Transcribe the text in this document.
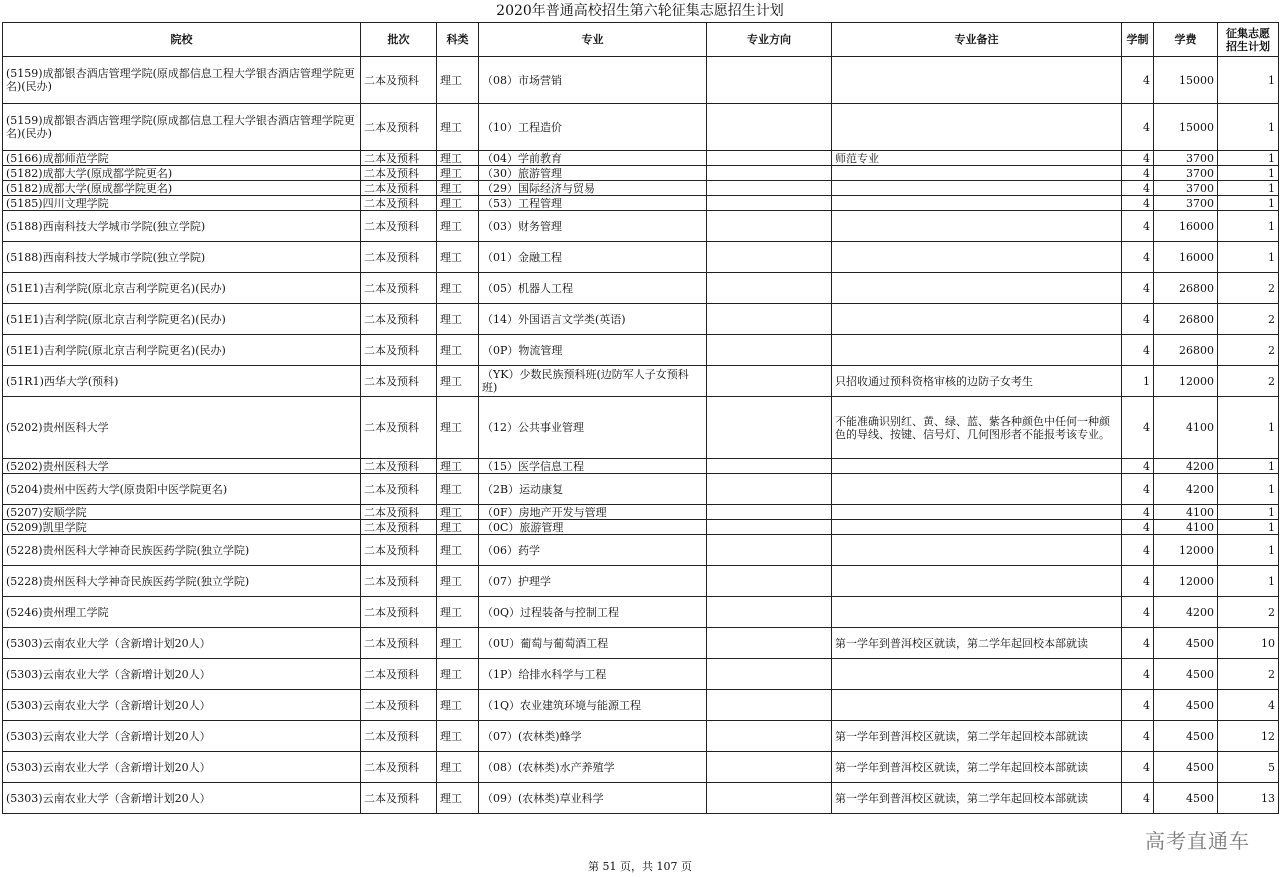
2020年普通高校招生第六轮征集志愿招生计划
院校	批次	科类	专业	专业方向	专业备注	学制	学费	征集志愿招生计划
(5159)成都银杏酒店管理学院(原成都信息工程大学银杏酒店管理学院更名)(民办)	二本及预科	理工	（08）市场营销			4	15000	1
(5159)成都银杏酒店管理学院(原成都信息工程大学银杏酒店管理学院更名)(民办)	二本及预科	理工	（10）工程造价			4	15000	1
(5166)成都师范学院	二本及预科	理工	（04）学前教育		师范专业	4	3700	1
(5182)成都大学(原成都学院更名)	二本及预科	理工	（30）旅游管理			4	3700	1
(5182)成都大学(原成都学院更名)	二本及预科	理工	（29）国际经济与贸易			4	3700	1
(5185)四川文理学院	二本及预科	理工	（53）工程管理			4	3700	1
(5188)西南科技大学城市学院(独立学院)	二本及预科	理工	（03）财务管理			4	16000	1
(5188)西南科技大学城市学院(独立学院)	二本及预科	理工	（01）金融工程			4	16000	1
(51E1)吉利学院(原北京吉利学院更名)(民办)	二本及预科	理工	（05）机器人工程			4	26800	2
(51E1)吉利学院(原北京吉利学院更名)(民办)	二本及预科	理工	（14）外国语言文学类(英语)			4	26800	2
(51E1)吉利学院(原北京吉利学院更名)(民办)	二本及预科	理工	（0P）物流管理			4	26800	2
(51R1)西华大学(预科)	二本及预科	理工	（YK）少数民族预科班(边防军人子女预科班)		只招收通过预科资格审核的边防子女考生	1	12000	2
(5202)贵州医科大学	二本及预科	理工	（12）公共事业管理		不能准确识别红、黄、绿、蓝、紫各种颜色中任何一种颜色的导线、按键、信号灯、几何图形者不能报考该专业。	4	4100	1
(5202)贵州医科大学	二本及预科	理工	（15）医学信息工程			4	4200	1
(5204)贵州中医药大学(原贵阳中医学院更名)	二本及预科	理工	（2B）运动康复			4	4200	1
(5207)安顺学院	二本及预科	理工	（0F）房地产开发与管理			4	4100	1
(5209)凯里学院	二本及预科	理工	（0C）旅游管理			4	4100	1
(5228)贵州医科大学神奇民族医药学院(独立学院)	二本及预科	理工	（06）药学			4	12000	1
(5228)贵州医科大学神奇民族医药学院(独立学院)	二本及预科	理工	（07）护理学			4	12000	1
(5246)贵州理工学院	二本及预科	理工	（0Q）过程装备与控制工程			4	4200	2
(5303)云南农业大学（含新增计划20人）	二本及预科	理工	（0U）葡萄与葡萄酒工程		第一学年到普洱校区就读，第二学年起回校本部就读	4	4500	10
(5303)云南农业大学（含新增计划20人）	二本及预科	理工	（1P）给排水科学与工程			4	4500	2
(5303)云南农业大学（含新增计划20人）	二本及预科	理工	（1Q）农业建筑环境与能源工程			4	4500	4
(5303)云南农业大学（含新增计划20人）	二本及预科	理工	（07）(农林类)蜂学		第一学年到普洱校区就读，第二学年起回校本部就读	4	4500	12
(5303)云南农业大学（含新增计划20人）	二本及预科	理工	（08）(农林类)水产养殖学		第一学年到普洱校区就读，第二学年起回校本部就读	4	4500	5
(5303)云南农业大学（含新增计划20人）	二本及预科	理工	（09）(农林类)草业科学		第一学年到普洱校区就读，第二学年起回校本部就读	4	4500	13
高考直通车
第 51 页，共 107 页
